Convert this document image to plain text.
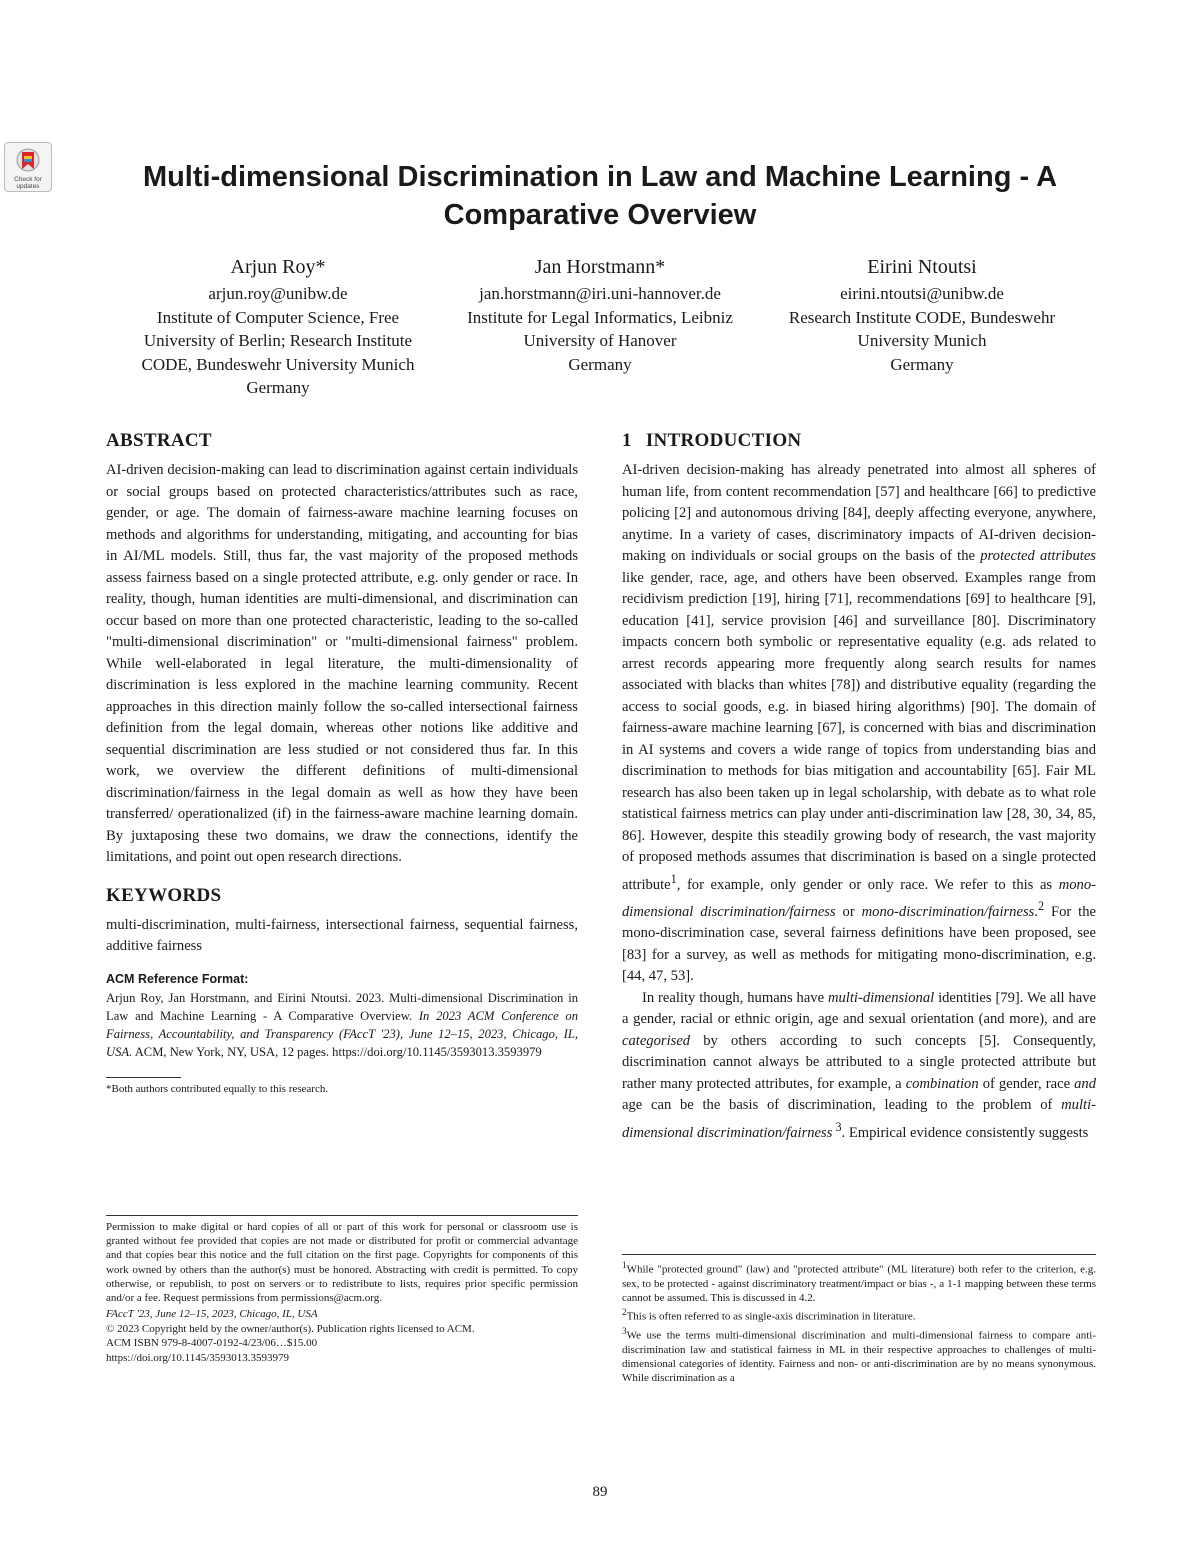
Check for updates	Multi-dimensional Discrimination in Law and Machine Learning - A Comparative Overview
Arjun Roy*
arjun.roy@unibw.de
Institute of Computer Science, Free University of Berlin; Research Institute CODE, Bundeswehr University Munich
Germany
Jan Horstmann*
jan.horstmann@iri.uni-hannover.de
Institute for Legal Informatics, Leibniz University of Hanover
Germany
Eirini Ntoutsi
eirini.ntoutsi@unibw.de
Research Institute CODE, Bundeswehr University Munich
Germany
ABSTRACT

AI-driven decision-making can lead to discrimination against certain individuals or social groups based on protected characteristics/attributes such as race, gender, or age. The domain of fairness-aware machine learning focuses on methods and algorithms for understanding, mitigating, and accounting for bias in AI/ML models. Still, thus far, the vast majority of the proposed methods assess fairness based on a single protected attribute, e.g. only gender or race. In reality, though, human identities are multi-dimensional, and discrimination can occur based on more than one protected characteristic, leading to the so-called "multi-dimensional discrimination" or "multi-dimensional fairness" problem. While well-elaborated in legal literature, the multi-dimensionality of discrimination is less explored in the machine learning community. Recent approaches in this direction mainly follow the so-called intersectional fairness definition from the legal domain, whereas other notions like additive and sequential discrimination are less studied or not considered thus far. In this work, we overview the different definitions of multi-dimensional discrimination/fairness in the legal domain as well as how they have been transferred/ operationalized (if) in the fairness-aware machine learning domain. By juxtaposing these two domains, we draw the connections, identify the limitations, and point out open research directions.

KEYWORDS

multi-discrimination, multi-fairness, intersectional fairness, sequential fairness, additive fairness

ACM Reference Format:

Arjun Roy, Jan Horstmann, and Eirini Ntoutsi. 2023. Multi-dimensional Discrimination in Law and Machine Learning - A Comparative Overview. In 2023 ACM Conference on Fairness, Accountability, and Transparency (FAccT '23), June 12–15, 2023, Chicago, IL, USA. ACM, New York, NY, USA, 12 pages. https://doi.org/10.1145/3593013.3593979

*Both authors contributed equally to this research.

Permission to make digital or hard copies of all or part of this work for personal or classroom use is granted without fee provided that copies are not made or distributed for profit or commercial advantage and that copies bear this notice and the full citation on the first page. Copyrights for components of this work owned by others than the author(s) must be honored. Abstracting with credit is permitted. To copy otherwise, or republish, to post on servers or to redistribute to lists, requires prior specific permission and/or a fee. Request permissions from permissions@acm.org.

FAccT '23, June 12–15, 2023, Chicago, IL, USA
© 2023 Copyright held by the owner/author(s). Publication rights licensed to ACM.
ACM ISBN 979-8-4007-0192-4/23/06…$15.00
https://doi.org/10.1145/3593013.3593979
1 INTRODUCTION

AI-driven decision-making has already penetrated into almost all spheres of human life, from content recommendation [57] and healthcare [66] to predictive policing [2] and autonomous driving [84], deeply affecting everyone, anywhere, anytime. In a variety of cases, discriminatory impacts of AI-driven decision-making on individuals or social groups on the basis of the protected attributes like gender, race, age, and others have been observed. Examples range from recidivism prediction [19], hiring [71], recommendations [69] to healthcare [9], education [41], service provision [46] and surveillance [80]. Discriminatory impacts concern both symbolic or representative equality (e.g. ads related to arrest records appearing more frequently along search results for names associated with blacks than whites [78]) and distributive equality (regarding the access to social goods, e.g. in biased hiring algorithms) [90]. The domain of fairness-aware machine learning [67], is concerned with bias and discrimination in AI systems and covers a wide range of topics from understanding bias and discrimination to methods for bias mitigation and accountability [65]. Fair ML research has also been taken up in legal scholarship, with debate as to what role statistical fairness metrics can play under anti-discrimination law [28, 30, 34, 85, 86]. However, despite this steadily growing body of research, the vast majority of proposed methods assumes that discrimination is based on a single protected attribute$^1$, for example, only gender or only race. We refer to this as mono-dimensional discrimination/fairness or mono-discrimination/fairness.$^2$ For the mono-discrimination case, several fairness definitions have been proposed, see [83] for a survey, as well as methods for mitigating mono-discrimination, e.g. [44, 47, 53].

In reality though, humans have multi-dimensional identities [79]. We all have a gender, racial or ethnic origin, age and sexual orientation (and more), and are categorised by others according to such concepts [5]. Consequently, discrimination cannot always be attributed to a single protected attribute but rather many protected attributes, for example, a combination of gender, race and age can be the basis of discrimination, leading to the problem of multi-dimensional discrimination/fairness $^3$. Empirical evidence consistently suggests

$^1$While "protected ground" (law) and "protected attribute" (ML literature) both refer to the criterion, e.g. sex, to be protected - against discriminatory treatment/impact or bias -, a 1-1 mapping between these terms cannot be assumed. This is discussed in 4.2.

$^2$This is often referred to as single-axis discrimination in literature.

$^3$We use the terms multi-dimensional discrimination and multi-dimensional fairness to compare anti-discrimination law and statistical fairness in ML in their respective approaches to challenges of multi-dimensional categories of identity. Fairness and non- or anti-discrimination are by no means synonymous. While discrimination as a

89
